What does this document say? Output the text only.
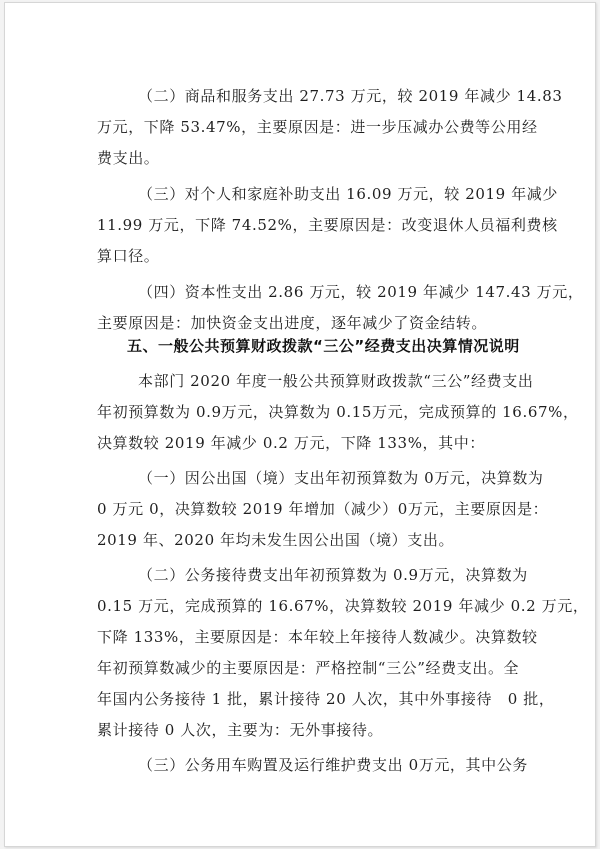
（二）商品和服务支出 27.73 万元，较 2019 年减少 14.83
万元，下降 53.47%，主要原因是：进一步压减办公费等公用经
费支出。
（三）对个人和家庭补助支出 16.09 万元，较 2019 年减少
11.99 万元，下降 74.52%，主要原因是：改变退休人员福利费核
算口径。
（四）资本性支出 2.86 万元，较 2019 年减少 147.43 万元，
主要原因是：加快资金支出进度，逐年减少了资金结转。
五、一般公共预算财政拨款“三公”经费支出决算情况说明
本部门 2020 年度一般公共预算财政拨款“三公”经费支出
年初预算数为 0.9万元，决算数为 0.15万元，完成预算的 16.67%，
决算数较 2019 年减少 0.2 万元，下降 133%，其中：
（一）因公出国（境）支出年初预算数为 0万元，决算数为
0 万元 0，决算数较 2019 年增加（减少）0万元，主要原因是：
2019 年、2020 年均未发生因公出国（境）支出。
（二）公务接待费支出年初预算数为 0.9万元，决算数为
0.15 万元，完成预算的 16.67%，决算数较 2019 年减少 0.2 万元，
下降 133%，主要原因是：本年较上年接待人数减少。决算数较
年初预算数减少的主要原因是：严格控制“三公”经费支出。全
年国内公务接待 1 批，累计接待 20 人次，其中外事接待　0 批，
累计接待 0 人次，主要为：无外事接待。
（三）公务用车购置及运行维护费支出 0万元，其中公务
